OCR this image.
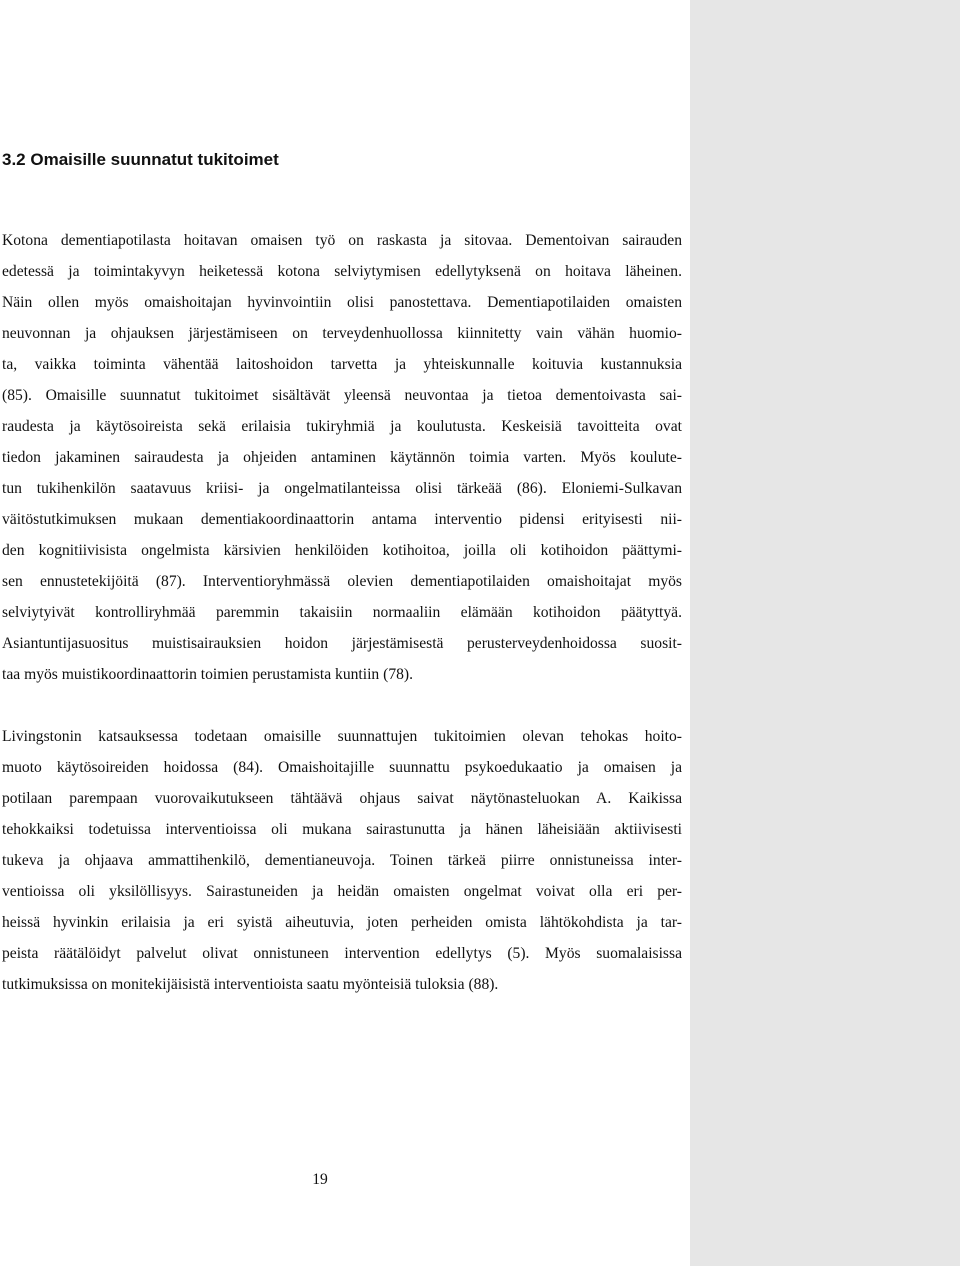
3.2 Omaisille suunnatut tukitoimet

Kotona dementiapotilasta hoitavan omaisen työ on raskasta ja sitovaa. Dementoivan sairauden
edetessä ja toimintakyvyn heiketessä kotona selviytymisen edellytyksenä on hoitava läheinen.
Näin ollen myös omaishoitajan hyvinvointiin olisi panostettava. Dementiapotilaiden omaisten
neuvonnan ja ohjauksen järjestämiseen on terveydenhuollossa kiinnitetty vain vähän huomio-
ta, vaikka toiminta vähentää laitoshoidon tarvetta ja yhteiskunnalle koituvia kustannuksia
(85). Omaisille suunnatut tukitoimet sisältävät yleensä neuvontaa ja tietoa dementoivasta sai-
raudesta ja käytösoireista sekä erilaisia tukiryhmiä ja koulutusta. Keskeisiä tavoitteita ovat
tiedon jakaminen sairaudesta ja ohjeiden antaminen käytännön toimia varten. Myös koulute-
tun tukihenkilön saatavuus kriisi- ja ongelmatilanteissa olisi tärkeää (86). Eloniemi-Sulkavan
väitöstutkimuksen mukaan dementiakoordinaattorin antama interventio pidensi erityisesti nii-
den kognitiivisista ongelmista kärsivien henkilöiden kotihoitoa, joilla oli kotihoidon päättymi-
sen ennustetekijöitä (87). Interventioryhmässä olevien dementiapotilaiden omaishoitajat myös
selviytyivät kontrolliryhmää paremmin takaisiin normaaliin elämään kotihoidon päätyttyä.
Asiantuntijasuositus muistisairauksien hoidon järjestämisestä perusterveydenhoidossa suosit-
taa myös muistikoordinaattorin toimien perustamista kuntiin (78).

Livingstonin katsauksessa todetaan omaisille suunnattujen tukitoimien olevan tehokas hoito-
muoto käytösoireiden hoidossa (84). Omaishoitajille suunnattu psykoedukaatio ja omaisen ja
potilaan parempaan vuorovaikutukseen tähtäävä ohjaus saivat näytönasteluokan A. Kaikissa
tehokkaiksi todetuissa interventioissa oli mukana sairastunutta ja hänen läheisiään aktiivisesti
tukeva ja ohjaava ammattihenkilö, dementianeuvoja. Toinen tärkeä piirre onnistuneissa inter-
ventioissa oli yksilöllisyys. Sairastuneiden ja heidän omaisten ongelmat voivat olla eri per-
heissä hyvinkin erilaisia ja eri syistä aiheutuvia, joten perheiden omista lähtökohdista ja tar-
peista räätälöidyt palvelut olivat onnistuneen intervention edellytys (5). Myös suomalaisissa
tutkimuksissa on monitekijäisistä interventioista saatu myönteisiä tuloksia (88).

19
